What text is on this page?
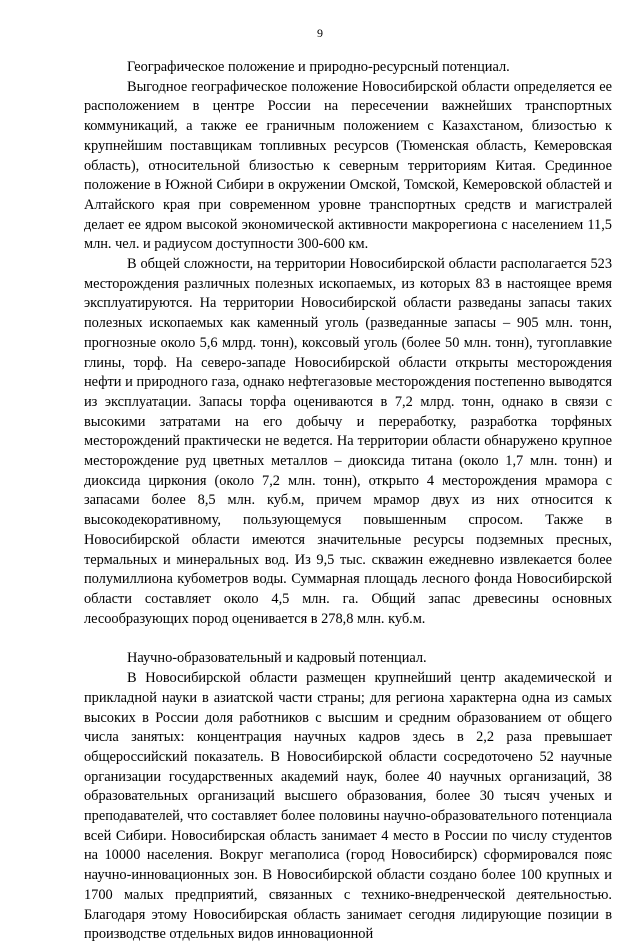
9

Географическое положение и природно-ресурсный потенциал.

Выгодное географическое положение Новосибирской области определяется ее расположением в центре России на пересечении важнейших транспортных коммуникаций, а также ее граничным положением с Казахстаном, близостью к крупнейшим поставщикам топливных ресурсов (Тюменская область, Кемеровская область), относительной близостью к северным территориям Китая. Срединное положение в Южной Сибири в окружении Омской, Томской, Кемеровской областей и Алтайского края при современном уровне транспортных средств и магистралей делает ее ядром высокой экономической активности макрорегиона с населением 11,5 млн. чел. и радиусом доступности 300-600 км.

В общей сложности, на территории Новосибирской области располагается 523 месторождения различных полезных ископаемых, из которых 83 в настоящее время эксплуатируются. На территории Новосибирской области разведаны запасы таких полезных ископаемых как каменный уголь (разведанные запасы – 905 млн. тонн, прогнозные около 5,6 млрд. тонн), коксовый уголь (более 50 млн. тонн), тугоплавкие глины, торф. На северо-западе Новосибирской области открыты месторождения нефти и природного газа, однако нефтегазовые месторождения постепенно выводятся из эксплуатации. Запасы торфа оцениваются в 7,2 млрд. тонн, однако в связи с высокими затратами на его добычу и переработку, разработка торфяных месторождений практически не ведется. На территории области обнаружено крупное месторождение руд цветных металлов – диоксида титана (около 1,7 млн. тонн) и диоксида циркония (около 7,2 млн. тонн), открыто 4 месторождения мрамора с запасами более 8,5 млн. куб.м, причем мрамор двух из них относится к высокодекоративному, пользующемуся повышенным спросом. Также в Новосибирской области имеются значительные ресурсы подземных пресных, термальных и минеральных вод. Из 9,5 тыс. скважин ежедневно извлекается более полумиллиона кубометров воды. Суммарная площадь лесного фонда Новосибирской области составляет около 4,5 млн. га. Общий запас древесины основных лесообразующих пород оценивается в 278,8 млн. куб.м.

Научно-образовательный и кадровый потенциал.

В Новосибирской области размещен крупнейший центр академической и прикладной науки в азиатской части страны; для региона характерна одна из самых высоких в России доля работников с высшим и средним образованием от общего числа занятых: концентрация научных кадров здесь в 2,2 раза превышает общероссийский показатель. В Новосибирской области сосредоточено 52 научные организации государственных академий наук, более 40 научных организаций, 38 образовательных организаций высшего образования, более 30 тысяч ученых и преподавателей, что составляет более половины научно-образовательного потенциала всей Сибири. Новосибирская область занимает 4 место в России по числу студентов на 10000 населения. Вокруг мегаполиса (город Новосибирск) сформировался пояс научно-инновационных зон. В Новосибирской области создано более 100 крупных и 1700 малых предприятий, связанных с технико-внедренческой деятельностью. Благодаря этому Новосибирская область занимает сегодня лидирующие позиции в производстве отдельных видов инновационной
